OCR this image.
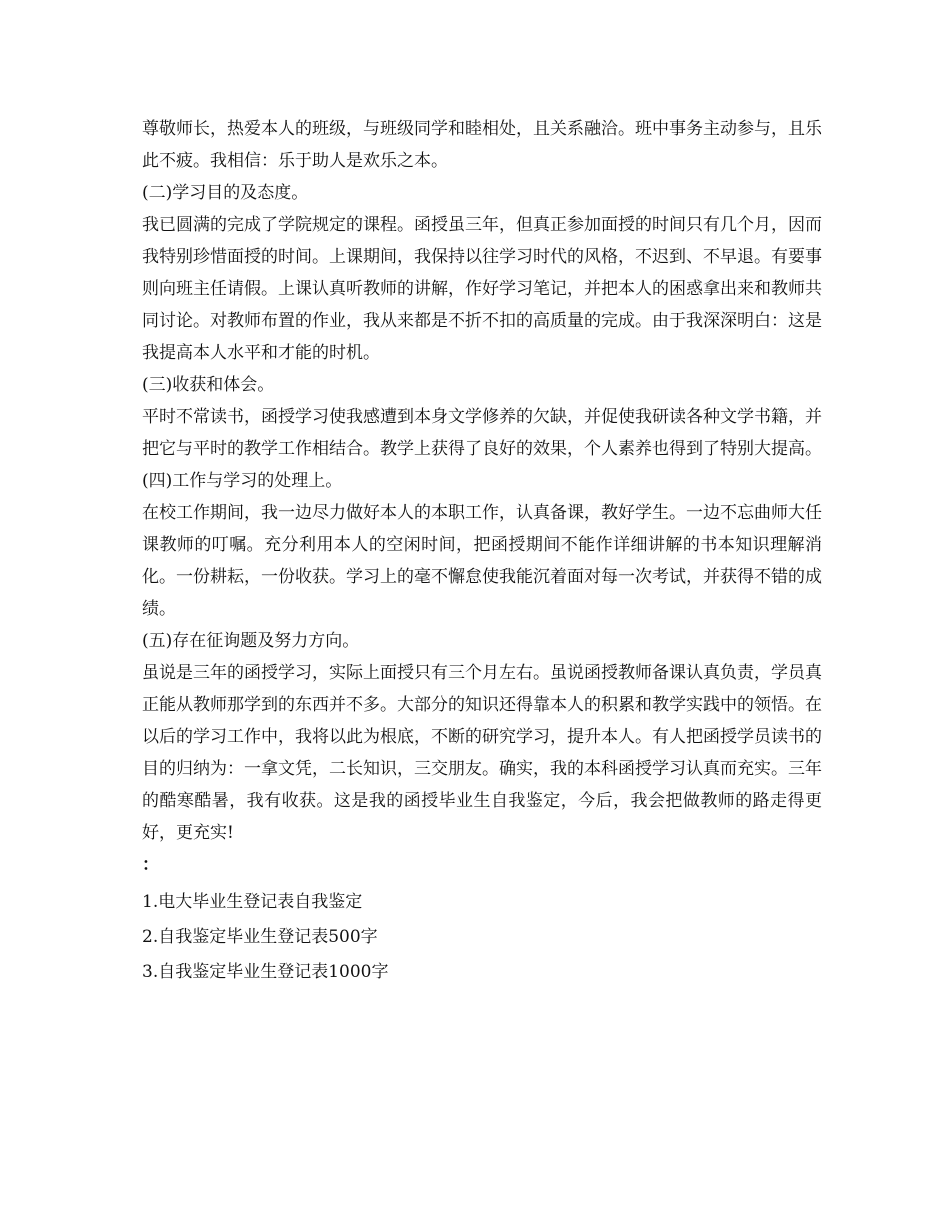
尊敬师长，热爱本人的班级，与班级同学和睦相处，且关系融洽。班中事务主动参与，且乐此不疲。我相信：乐于助人是欢乐之本。

(二)学习目的及态度。

我已圆满的完成了学院规定的课程。函授虽三年，但真正参加面授的时间只有几个月，因而我特别珍惜面授的时间。上课期间，我保持以往学习时代的风格，不迟到、不早退。有要事则向班主任请假。上课认真听教师的讲解，作好学习笔记，并把本人的困惑拿出来和教师共同讨论。对教师布置的作业，我从来都是不折不扣的高质量的完成。由于我深深明白：这是我提高本人水平和才能的时机。

(三)收获和体会。

平时不常读书，函授学习使我感遭到本身文学修养的欠缺，并促使我研读各种文学书籍，并把它与平时的教学工作相结合。教学上获得了良好的效果，个人素养也得到了特别大提高。

(四)工作与学习的处理上。

在校工作期间，我一边尽力做好本人的本职工作，认真备课，教好学生。一边不忘曲师大任课教师的叮嘱。充分利用本人的空闲时间，把函授期间不能作详细讲解的书本知识理解消化。一份耕耘，一份收获。学习上的毫不懈怠使我能沉着面对每一次考试，并获得不错的成绩。

(五)存在征询题及努力方向。

虽说是三年的函授学习，实际上面授只有三个月左右。虽说函授教师备课认真负责，学员真正能从教师那学到的东西并不多。大部分的知识还得靠本人的积累和教学实践中的领悟。在以后的学习工作中，我将以此为根底，不断的研究学习，提升本人。有人把函授学员读书的目的归纳为：一拿文凭，二长知识，三交朋友。确实，我的本科函授学习认真而充实。三年的酷寒酷暑，我有收获。这是我的函授毕业生自我鉴定，今后，我会把做教师的路走得更好，更充实!

：

1.电大毕业生登记表自我鉴定
2.自我鉴定毕业生登记表500字
3.自我鉴定毕业生登记表1000字
